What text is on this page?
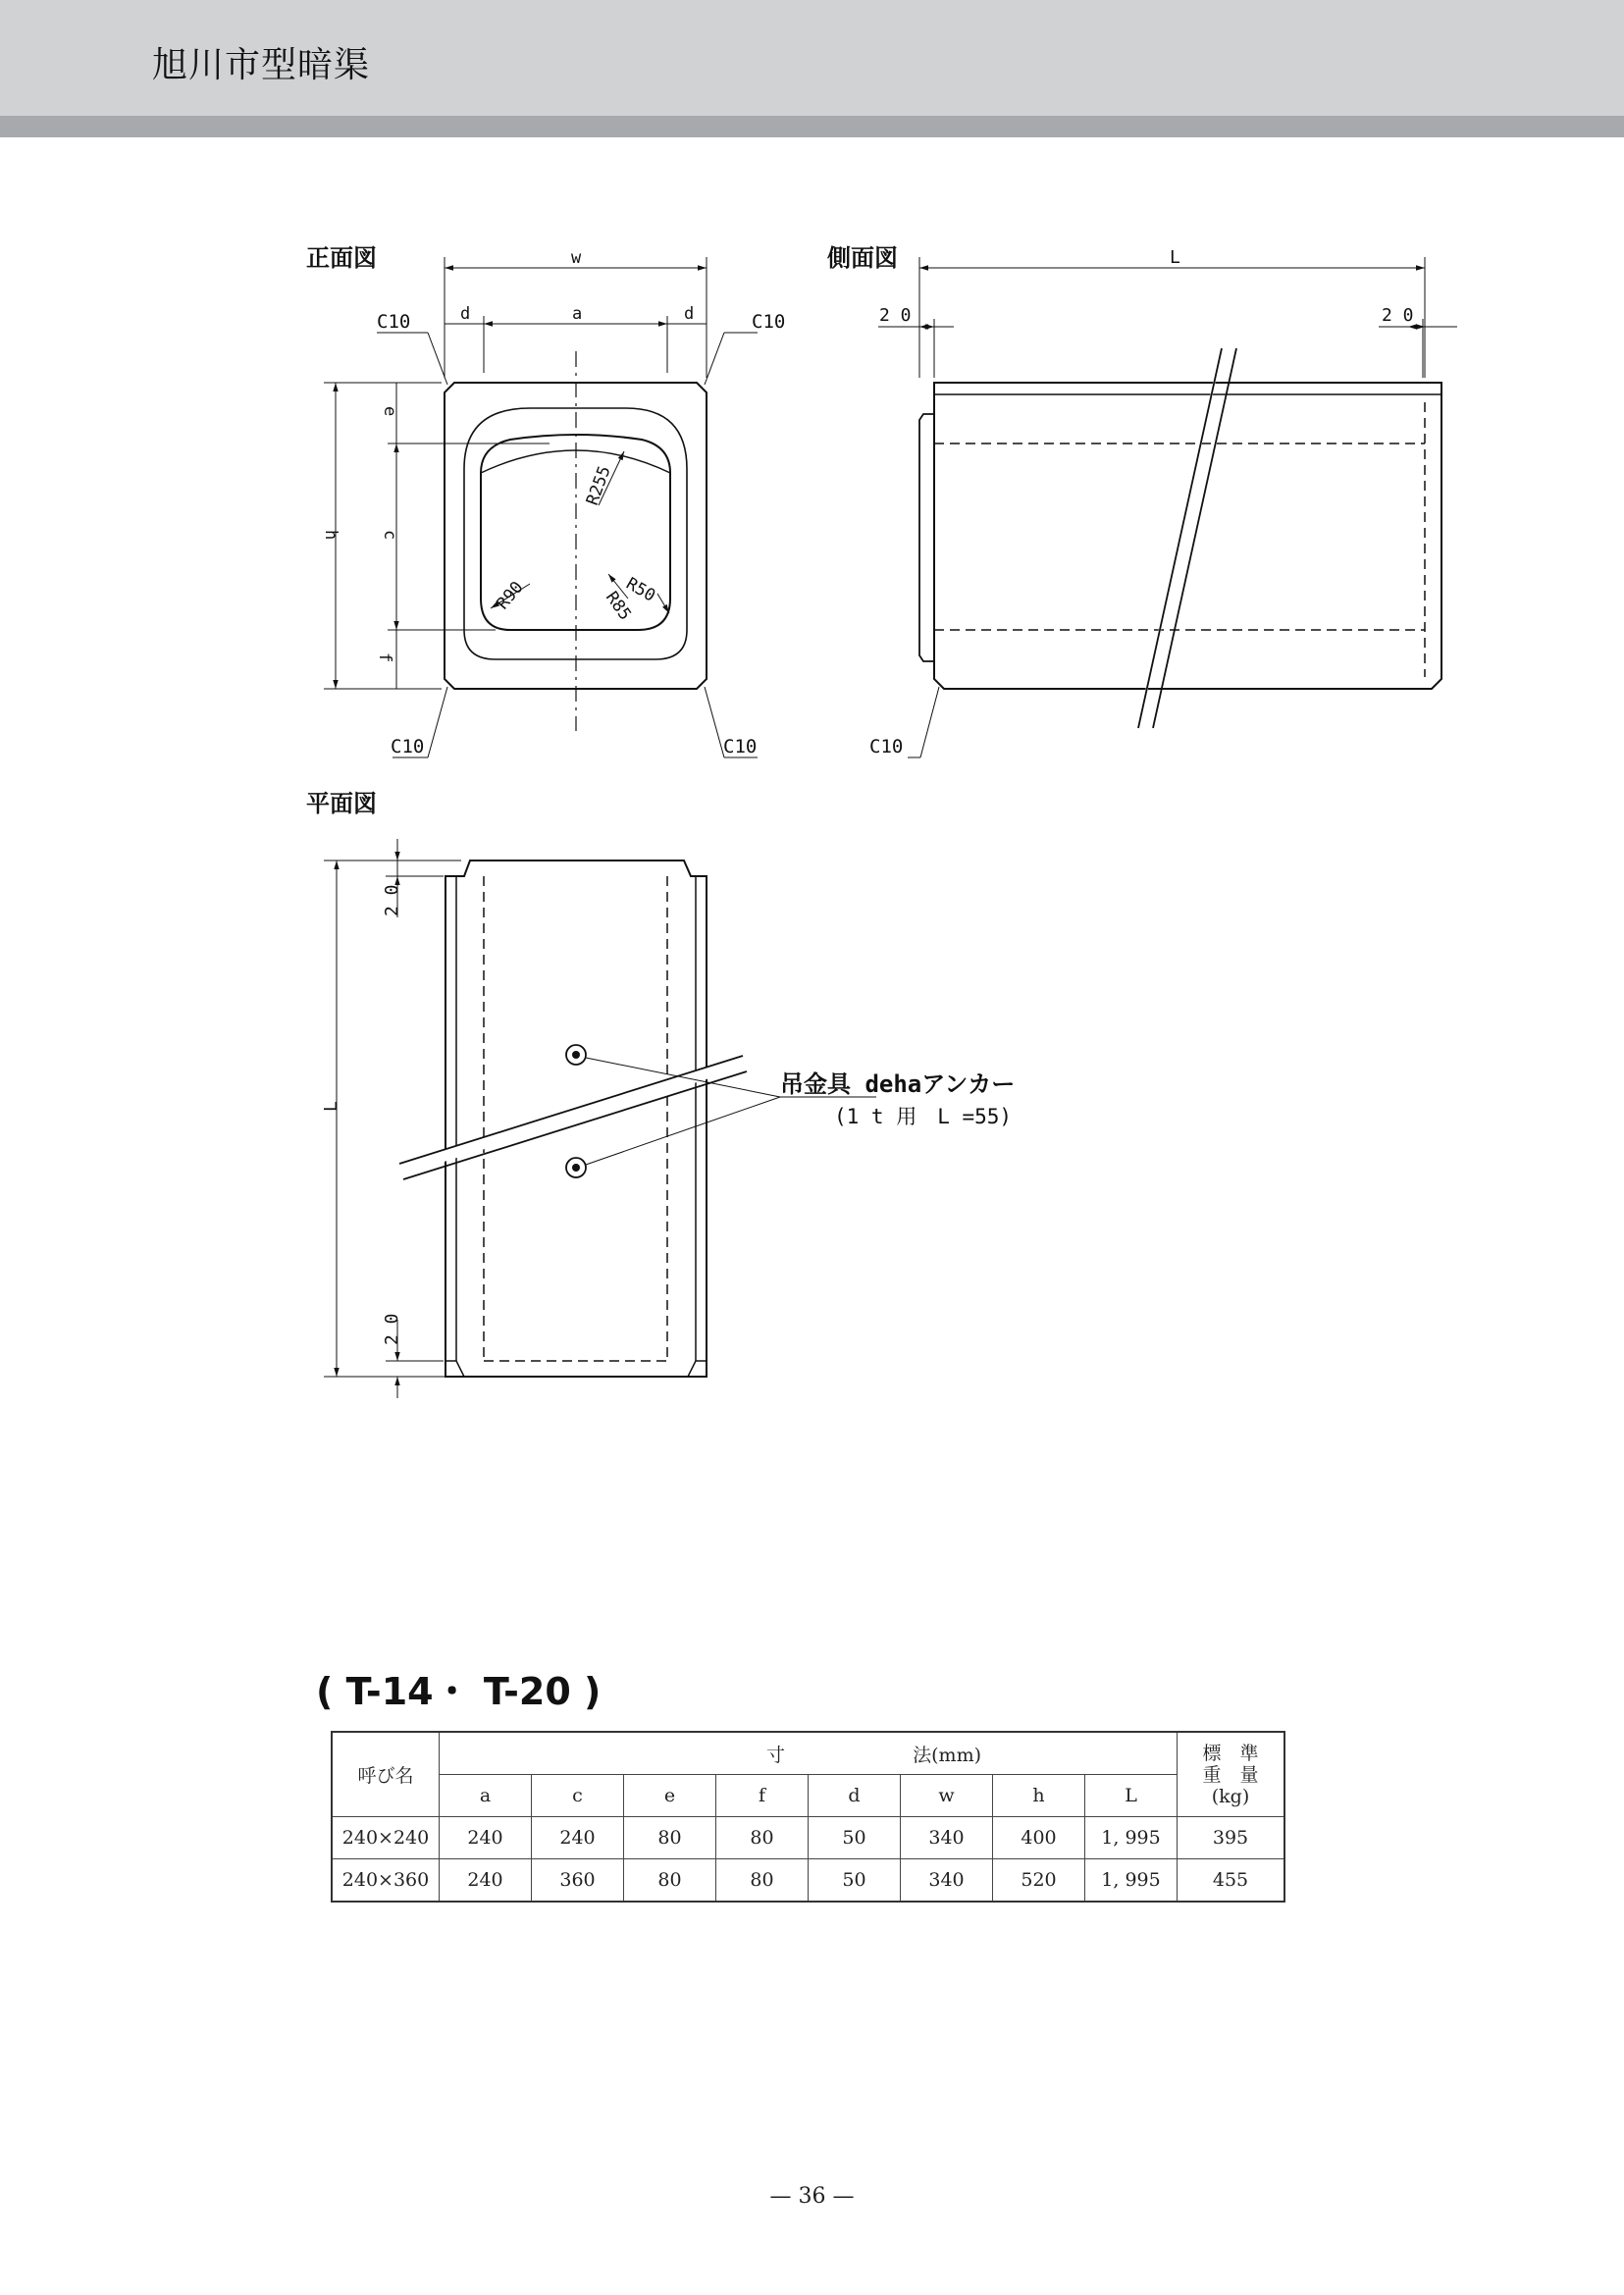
旭川市型暗渠
正面図	w
d	a	d
h
e
c
f
C10	C10
C10	C10
R255
R90	R50
R85
側面図	L
2 0	2 0
C10
平面図
L
2 0
2 0
吊金具 dehaアンカー
(1 t 用　L =55)
( T-14・ T-20 )
呼び名	寸 法(mm)								標　準
重　量
(kg)

	a	c	e	f	d	w	h	L	
240×240	240	240	80	80	50	340	400	1, 995	395
240×360	240	360	80	80	50	340	520	1, 995	455
— 36 —
